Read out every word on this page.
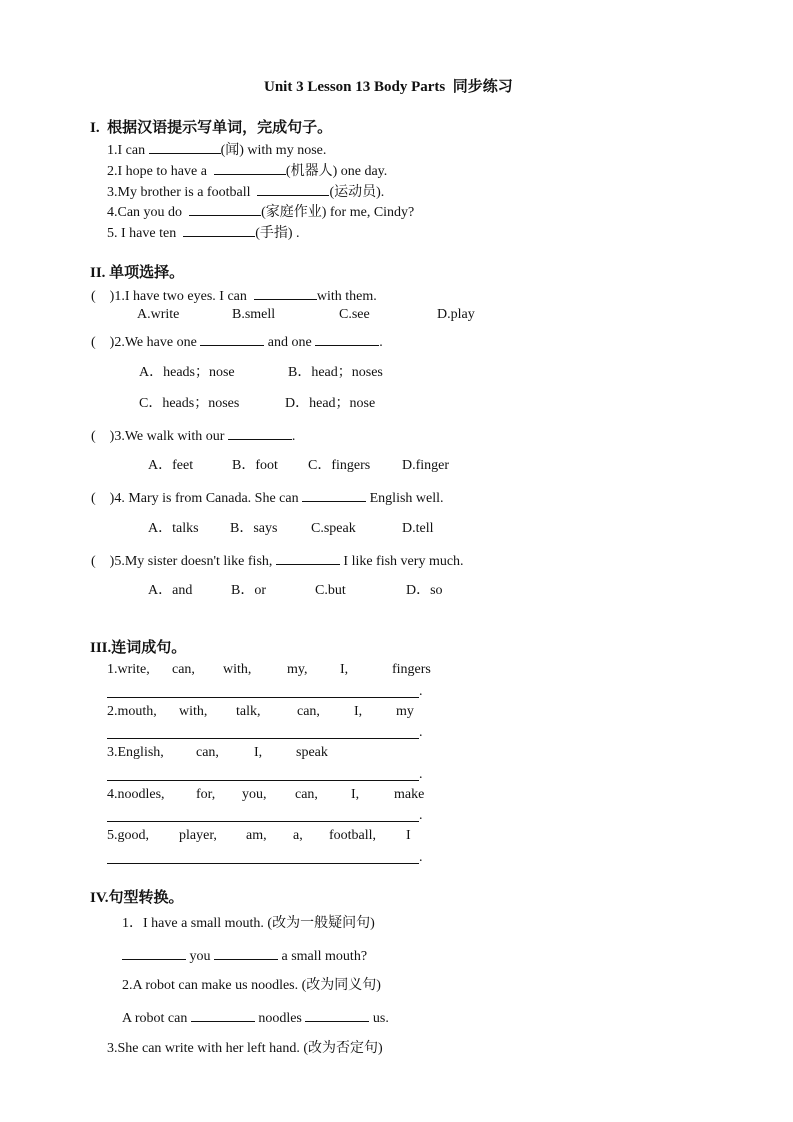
Unit 3 Lesson 13 Body Parts  同步练习
I.  根据汉语提示写单词，完成句子。
1.I can	(闻) with my nose.
2.I hope to have a	(机器人) one day.
3.My brother is a football	(运动员).
4.Can you do	(家庭作业) for me, Cindy?
5. I have ten	(手指) .
II. 单项选择。
(    )1.I have two eyes. I can	with them.
A.write	B.smell	C.see	D.play
(    )2.We have one	and one	.
A．heads；nose	B．head；noses
C．heads；noses	D．head；nose
(    )3.We walk with our	.
A．feet	B．foot C．fingers D.finger
(    )4. Mary is from Canada. She can	English well.
A．talks B．says C.speak	D.tell
(    )5.My sister doesn't like fish,	I like fish very much.
A．and	B．or	C.but	D．so
III.连词成句。
1.write, can, with,	my, I,	fingers
.
2.mouth, with, talk,	can, I, my
.
3.English, can,	I, speak
.
4.noodles, for, you, can, I, make
.
5.good, player, am, a, football, I
.
IV.句型转换。
1．I have a small mouth. (改为一般疑问句)
you	a small mouth?
2.A robot can make us noodles. (改为同义句)
A robot can	noodles	us.
3.She can write with her left hand. (改为否定句)
